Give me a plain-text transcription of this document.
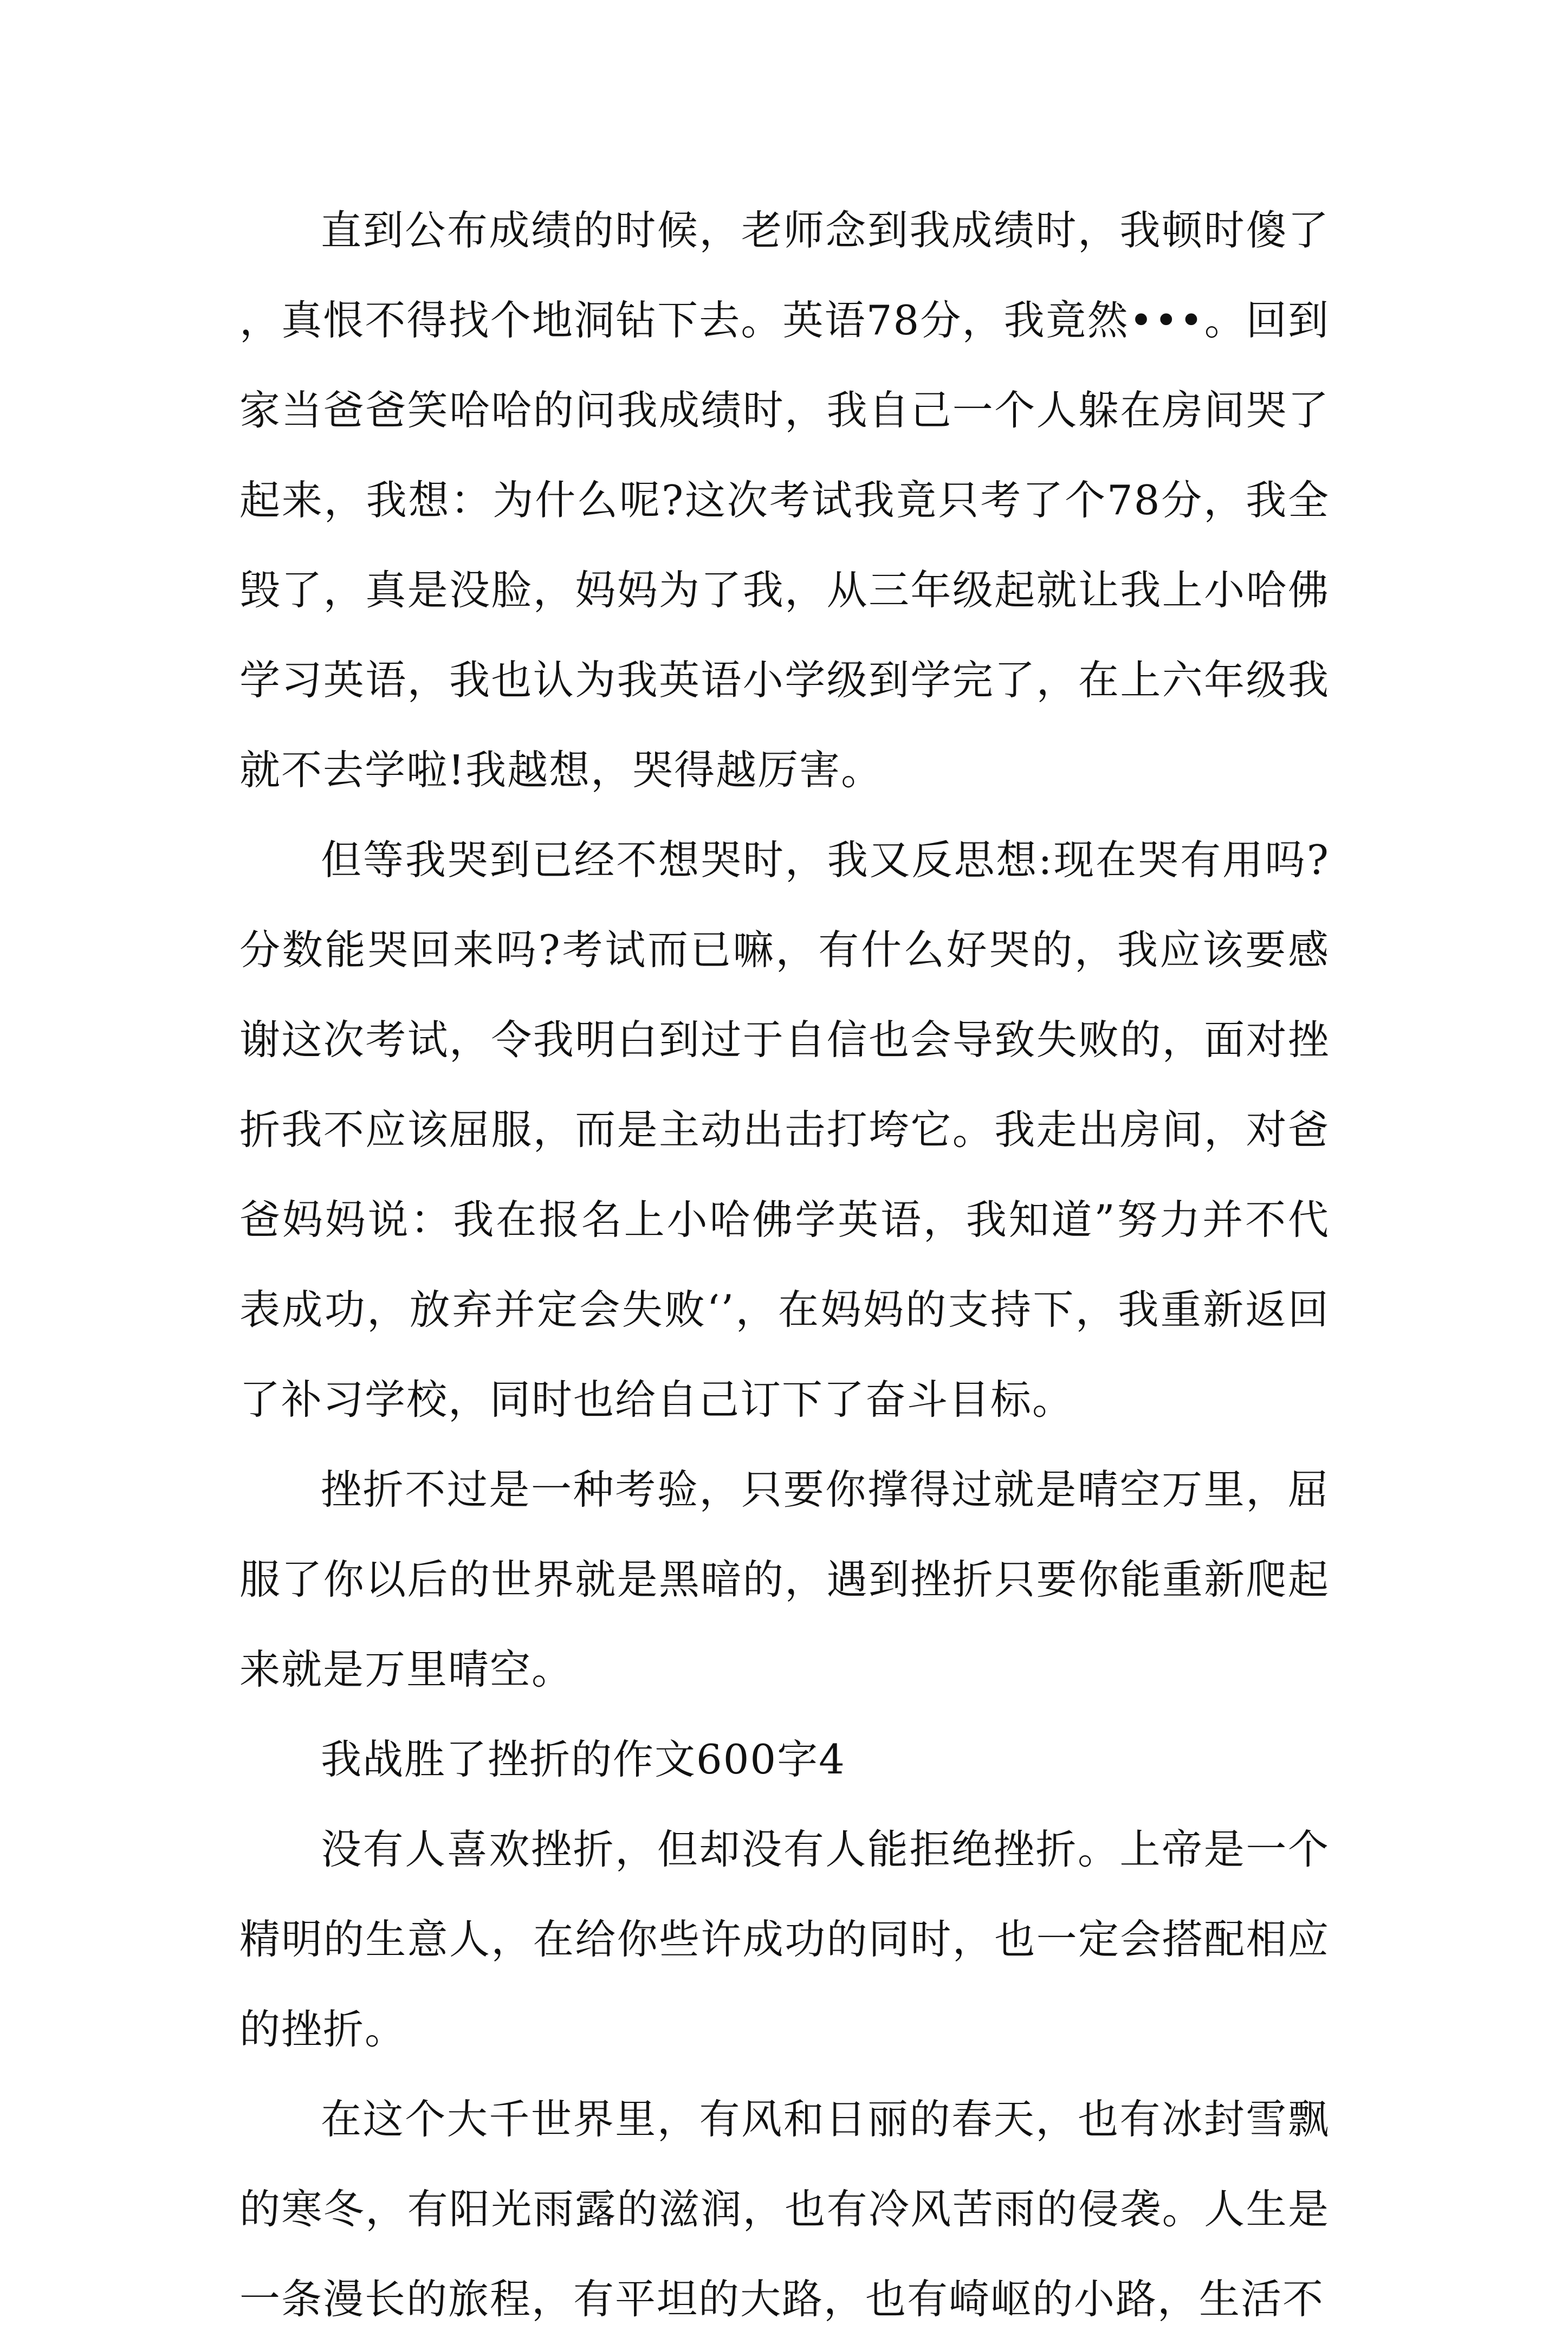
直到公布成绩的时候，老师念到我成绩时，我顿时傻了，真恨不得找个地洞钻下去。英语78分，我竟然•••。回到家当爸爸笑哈哈的问我成绩时，我自己一个人躲在房间哭了起来，我想：为什么呢?这次考试我竟只考了个78分，我全毁了，真是没脸，妈妈为了我，从三年级起就让我上小哈佛学习英语，我也认为我英语小学级到学完了，在上六年级我就不去学啦!我越想，哭得越厉害。

但等我哭到已经不想哭时，我又反思想:现在哭有用吗?分数能哭回来吗?考试而已嘛，有什么好哭的，我应该要感谢这次考试，令我明白到过于自信也会导致失败的，面对挫折我不应该屈服，而是主动出击打垮它。我走出房间，对爸爸妈妈说：我在报名上小哈佛学英语，我知道”努力并不代表成功，放弃并定会失败‘’，在妈妈的支持下，我重新返回了补习学校，同时也给自己订下了奋斗目标。

挫折不过是一种考验，只要你撑得过就是晴空万里，屈服了你以后的世界就是黑暗的，遇到挫折只要你能重新爬起来就是万里晴空。

我战胜了挫折的作文600字4

没有人喜欢挫折，但却没有人能拒绝挫折。上帝是一个精明的生意人，在给你些许成功的同时，也一定会搭配相应的挫折。

在这个大千世界里，有风和日丽的春天，也有冰封雪飘的寒冬，有阳光雨露的滋润，也有冷风苦雨的侵袭。人生是一条漫长的旅程，有平坦的大路，也有崎岖的小路，生活不
